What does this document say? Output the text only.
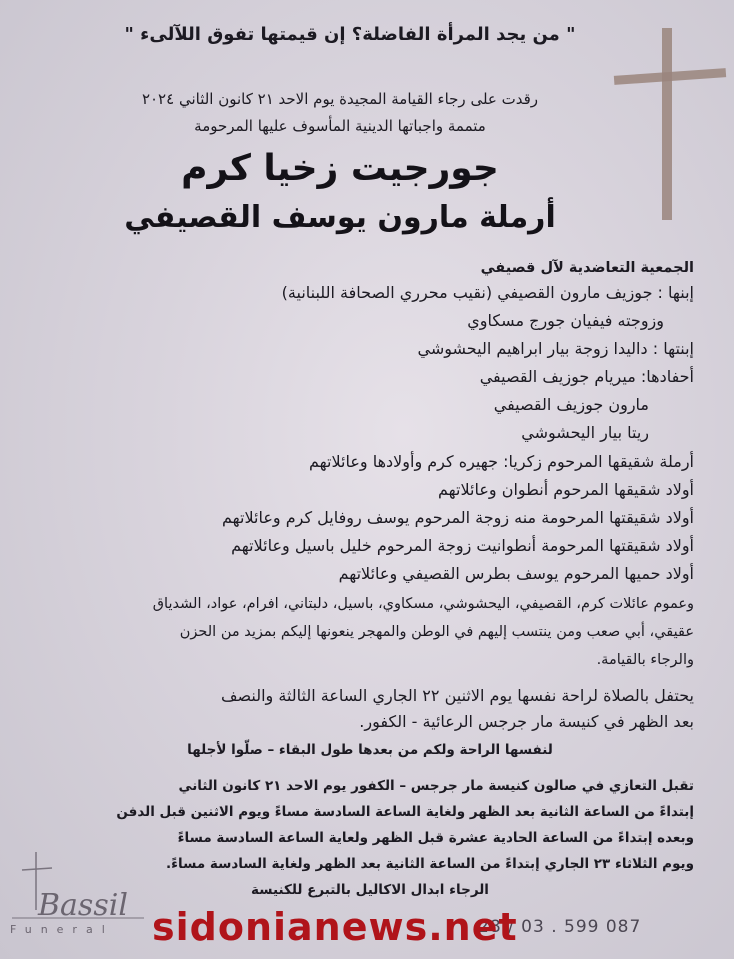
" من يجد المرأة الفاضلة؟ إن قيمتها تفوق اللآلىء "
رقدت على رجاء القيامة المجيدة يوم الاحد ٢١ كانون الثاني ٢٠٢٤
متممة واجباتها الدينية المأسوف عليها المرحومة
جورجيت زخيا كرم
أرملة مارون يوسف القصيفي
الجمعية التعاضدية لآل قصيفي
إبنها : جوزيف مارون القصيفي (نقيب محرري الصحافة اللبنانية)
وزوجته فيفيان جورج مسكاوي
إبنتها : داليدا زوجة بيار ابراهيم اليحشوشي
أحفادها: ميريام جوزيف القصيفي
مارون جوزيف القصيفي
ريتا بيار اليحشوشي
أرملة شقيقها المرحوم زكريا: جهيره كرم وأولادها وعائلاتهم
أولاد شقيقها المرحوم أنطوان وعائلاتهم
أولاد شقيقتها المرحومة منه زوجة المرحوم يوسف روفايل كرم وعائلاتهم
أولاد شقيقتها المرحومة أنطوانيت زوجة المرحوم خليل باسيل وعائلاتهم
أولاد حميها المرحوم يوسف بطرس القصيفي وعائلاتهم
وعموم عائلات كرم، القصيفي، اليحشوشي، مسكاوي، باسيل، دلبتاني، افرام، عواد، الشدياق
عقيقي، أبي صعب ومن ينتسب إليهم في الوطن والمهجر ينعونها إليكم بمزيد من الحزن
والرجاء بالقيامة.
يحتفل بالصلاة لراحة نفسها يوم الاثنين ٢٢ الجاري الساعة الثالثة والنصف
بعد الظهر في كنيسة مار جرجس الرعائية - الكفور.
لنفسها الراحة ولكم من بعدها طول البقاء – صلّوا لأجلها
تقبل التعازي في صالون كنيسة مار جرجس – الكفور يوم الاحد ٢١ كانون الثاني
إبتداءً من الساعة الثانية بعد الظهر ولغاية الساعة السادسة مساءً ويوم الاثنين قبل الدفن
وبعده إبتداءً من الساعة الحادية عشرة قبل الظهر ولعاية الساعة السادسة مساءً
ويوم الثلاثاء ٢٣ الجاري إبتداءً من الساعة الثانية بعد الظهر ولغاية السادسة مساءً.
الرجاء ابدال الاكاليل بالتبرع للكنيسة
Bassil
Funeral	28 / 03 . 599 087
sidonianews.net
